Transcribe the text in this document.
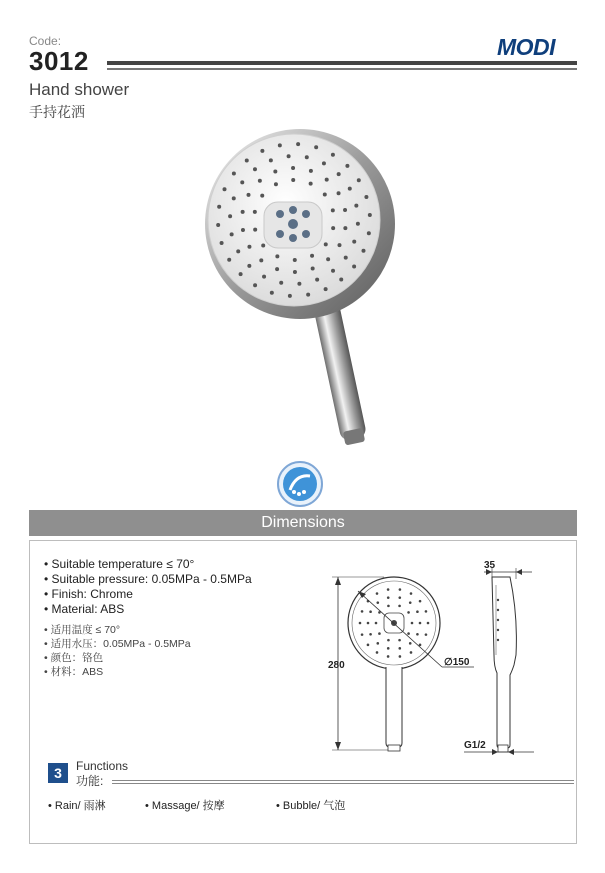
Code:
3012	MODI
Hand shower
手持花洒
Dimensions
• Suitable temperature ≤ 70°
• Suitable pressure: 0.05MPa - 0.5MPa
• Finish: Chrome
• Material: ABS
• 适用温度 ≤ 70°
• 适用水压：0.05MPa - 0.5MPa
• 颜色：铬色
• 材料：ABS
280	∅150
35
G1/2
3	Functions
功能:
• Rain/ 雨淋	• Massage/ 按摩	• Bubble/ 气泡
